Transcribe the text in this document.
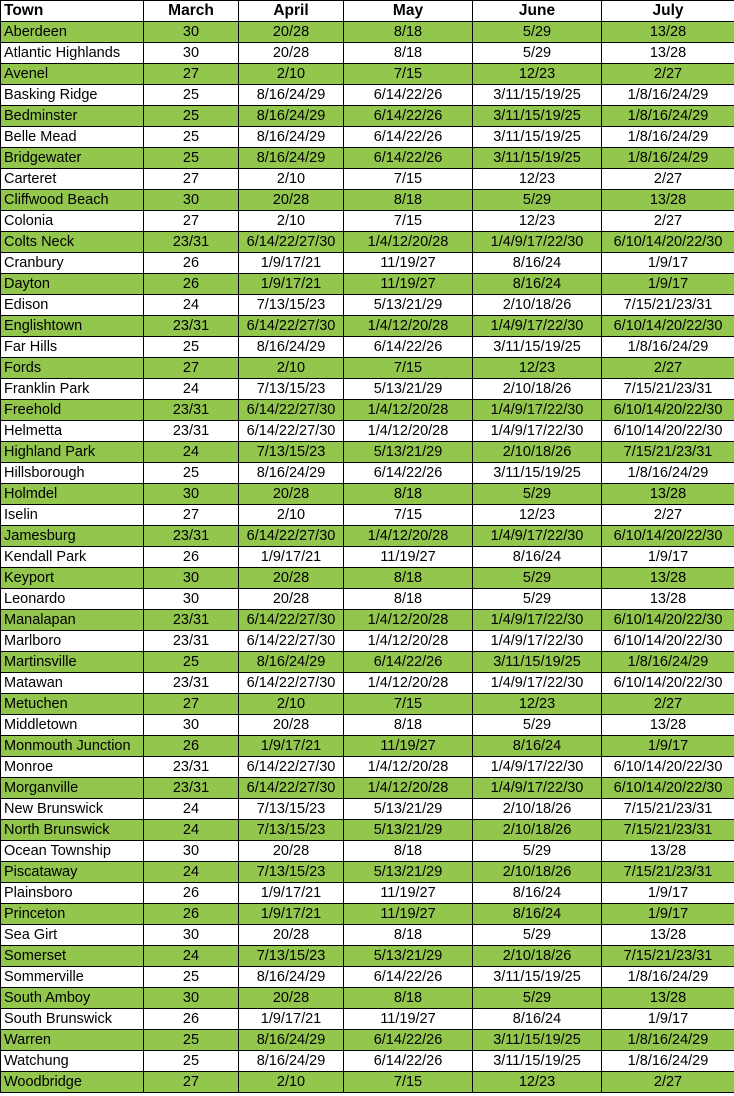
Town	March	April	May	June	July
Aberdeen	30	20/28	8/18	5/29	13/28
Atlantic Highlands	30	20/28	8/18	5/29	13/28
Avenel	27	2/10	7/15	12/23	2/27
Basking Ridge	25	8/16/24/29	6/14/22/26	3/11/15/19/25	1/8/16/24/29
Bedminster	25	8/16/24/29	6/14/22/26	3/11/15/19/25	1/8/16/24/29
Belle Mead	25	8/16/24/29	6/14/22/26	3/11/15/19/25	1/8/16/24/29
Bridgewater	25	8/16/24/29	6/14/22/26	3/11/15/19/25	1/8/16/24/29
Carteret	27	2/10	7/15	12/23	2/27
Cliffwood Beach	30	20/28	8/18	5/29	13/28
Colonia	27	2/10	7/15	12/23	2/27
Colts Neck	23/31	6/14/22/27/30	1/4/12/20/28	1/4/9/17/22/30	6/10/14/20/22/30
Cranbury	26	1/9/17/21	11/19/27	8/16/24	1/9/17
Dayton	26	1/9/17/21	11/19/27	8/16/24	1/9/17
Edison	24	7/13/15/23	5/13/21/29	2/10/18/26	7/15/21/23/31
Englishtown	23/31	6/14/22/27/30	1/4/12/20/28	1/4/9/17/22/30	6/10/14/20/22/30
Far Hills	25	8/16/24/29	6/14/22/26	3/11/15/19/25	1/8/16/24/29
Fords	27	2/10	7/15	12/23	2/27
Franklin Park	24	7/13/15/23	5/13/21/29	2/10/18/26	7/15/21/23/31
Freehold	23/31	6/14/22/27/30	1/4/12/20/28	1/4/9/17/22/30	6/10/14/20/22/30
Helmetta	23/31	6/14/22/27/30	1/4/12/20/28	1/4/9/17/22/30	6/10/14/20/22/30
Highland Park	24	7/13/15/23	5/13/21/29	2/10/18/26	7/15/21/23/31
Hillsborough	25	8/16/24/29	6/14/22/26	3/11/15/19/25	1/8/16/24/29
Holmdel	30	20/28	8/18	5/29	13/28
Iselin	27	2/10	7/15	12/23	2/27
Jamesburg	23/31	6/14/22/27/30	1/4/12/20/28	1/4/9/17/22/30	6/10/14/20/22/30
Kendall Park	26	1/9/17/21	11/19/27	8/16/24	1/9/17
Keyport	30	20/28	8/18	5/29	13/28
Leonardo	30	20/28	8/18	5/29	13/28
Manalapan	23/31	6/14/22/27/30	1/4/12/20/28	1/4/9/17/22/30	6/10/14/20/22/30
Marlboro	23/31	6/14/22/27/30	1/4/12/20/28	1/4/9/17/22/30	6/10/14/20/22/30
Martinsville	25	8/16/24/29	6/14/22/26	3/11/15/19/25	1/8/16/24/29
Matawan	23/31	6/14/22/27/30	1/4/12/20/28	1/4/9/17/22/30	6/10/14/20/22/30
Metuchen	27	2/10	7/15	12/23	2/27
Middletown	30	20/28	8/18	5/29	13/28
Monmouth Junction	26	1/9/17/21	11/19/27	8/16/24	1/9/17
Monroe	23/31	6/14/22/27/30	1/4/12/20/28	1/4/9/17/22/30	6/10/14/20/22/30
Morganville	23/31	6/14/22/27/30	1/4/12/20/28	1/4/9/17/22/30	6/10/14/20/22/30
New Brunswick	24	7/13/15/23	5/13/21/29	2/10/18/26	7/15/21/23/31
North Brunswick	24	7/13/15/23	5/13/21/29	2/10/18/26	7/15/21/23/31
Ocean Township	30	20/28	8/18	5/29	13/28
Piscataway	24	7/13/15/23	5/13/21/29	2/10/18/26	7/15/21/23/31
Plainsboro	26	1/9/17/21	11/19/27	8/16/24	1/9/17
Princeton	26	1/9/17/21	11/19/27	8/16/24	1/9/17
Sea Girt	30	20/28	8/18	5/29	13/28
Somerset	24	7/13/15/23	5/13/21/29	2/10/18/26	7/15/21/23/31
Sommerville	25	8/16/24/29	6/14/22/26	3/11/15/19/25	1/8/16/24/29
South Amboy	30	20/28	8/18	5/29	13/28
South Brunswick	26	1/9/17/21	11/19/27	8/16/24	1/9/17
Warren	25	8/16/24/29	6/14/22/26	3/11/15/19/25	1/8/16/24/29
Watchung	25	8/16/24/29	6/14/22/26	3/11/15/19/25	1/8/16/24/29
Woodbridge	27	2/10	7/15	12/23	2/27
